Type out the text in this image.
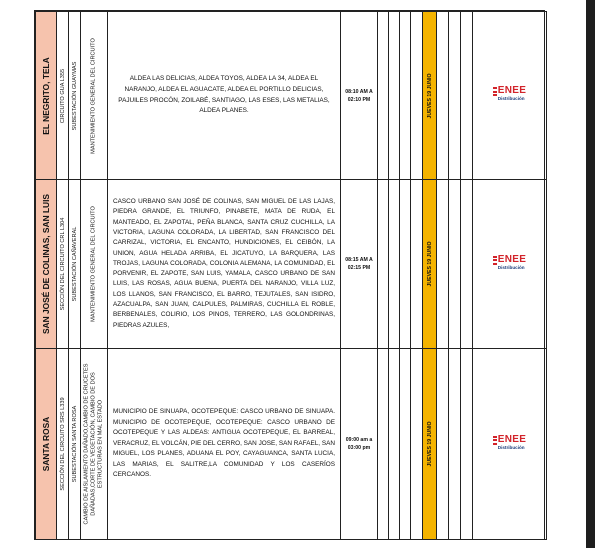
EL NEGRITO, TELA	CIRCUITO GUA L355	SUBESTACIÓN GUAYMAS	MANTENIMIENTO GENERAL DEL CIRCUITO	ALDEA LAS DELICIAS, ALDEA TOYOS, ALDEA LA 34, ALDEA EL NARANJO, ALDEA EL AGUACATE, ALDEA EL PORTILLO DELICIAS, PAJUILES PROCÓN, ZOILABÉ, SANTIAGO, LAS ESES, LAS METALIAS, ALDEA PLANES.	08:10 AM A 02:10 PM					JUEVES 19 JUNIO				ENEE
Distribución

SAN JOSÉ DE COLINAS, SAN LUIS	SECCIÓN DEL CIRCUITO CRL L304	SUBESTACIÓN CAÑAVERAL	MANTENIMIENTO GENERAL DEL CIRCUITO	CASCO URBANO SAN JOSÉ DE COLINAS, SAN MIGUEL DE LAS LAJAS, PIEDRA GRANDE, EL TRIUNFO, PINABETE, MATA DE RUDA, EL MANTEADO, EL ZAPOTAL, PEÑA BLANCA, SANTA CRUZ CUCHILLA, LA VICTORIA, LAGUNA COLORADA, LA LIBERTAD, SAN FRANCISCO DEL CARRIZAL, VICTORIA, EL ENCANTO, HUNDICIONES, EL CEIBÓN, LA UNION, AGUA HELADA ARRIBA, EL JICATUYO, LA BARQUERA, LAS TROJAS, LAGUNA COLORADA, COLONIA ALEMANA, LA COMUNIDAD, EL PORVENIR, EL ZAPOTE, SAN LUIS, YAMALA, CASCO URBANO DE SAN LUIS, LAS ROSAS, AGUA BUENA, PUERTA DEL NARANJO, VILLA LUZ, LOS LLANOS, SAN FRANCISCO, EL BARRO, TEJUTALES, SAN ISIDRO, AZACUALPA, SAN JUAN, CALPULES, PALMIRAS, CUCHILLA EL ROBLE, BERBENALES, COLIRIO, LOS PINOS, TERRERO, LAS GOLONDRINAS, PIEDRAS AZULES,	08:15 AM A 02:15 PM					JUEVES 19 JUNIO				ENEE
Distribución

SANTA ROSA	SECCIÓN DEL CIRCUITO SRS L339	SUBESTACIÓN SANTA ROSA	CAMBIO DE AISLAMIENTO DAÑADO,CAMBIO DE CRUCETES DAÑADAS,CORTE DE VEGETACIÓN, CAMBIO DE DOS ESTRUCTURAS EN MAL ESTADO	MUNICIPIO DE SINUAPA, OCOTEPEQUE: CASCO URBANO DE SINUAPA. MUNICIPIO DE OCOTEPEQUE, OCOTEPEQUE: CASCO URBANO DE OCOTEPEQUE Y LAS ALDEAS: ANTIGUA OCOTEPEQUE, EL BARREAL, VERACRUZ, EL VOLCÁN, PIE DEL CERRO, SAN JOSE, SAN RAFAEL, SAN MIGUEL, LOS PLANES, ADUANA EL POY, CAYAGUANCA, SANTA LUCIA, LAS MARIAS, EL SALITRE,LA COMUNIDAD Y LOS CASERÍOS CERCANOS.	09:00 am a 03:00 pm					JUEVES 19 JUNIO				ENEE
Distribución
